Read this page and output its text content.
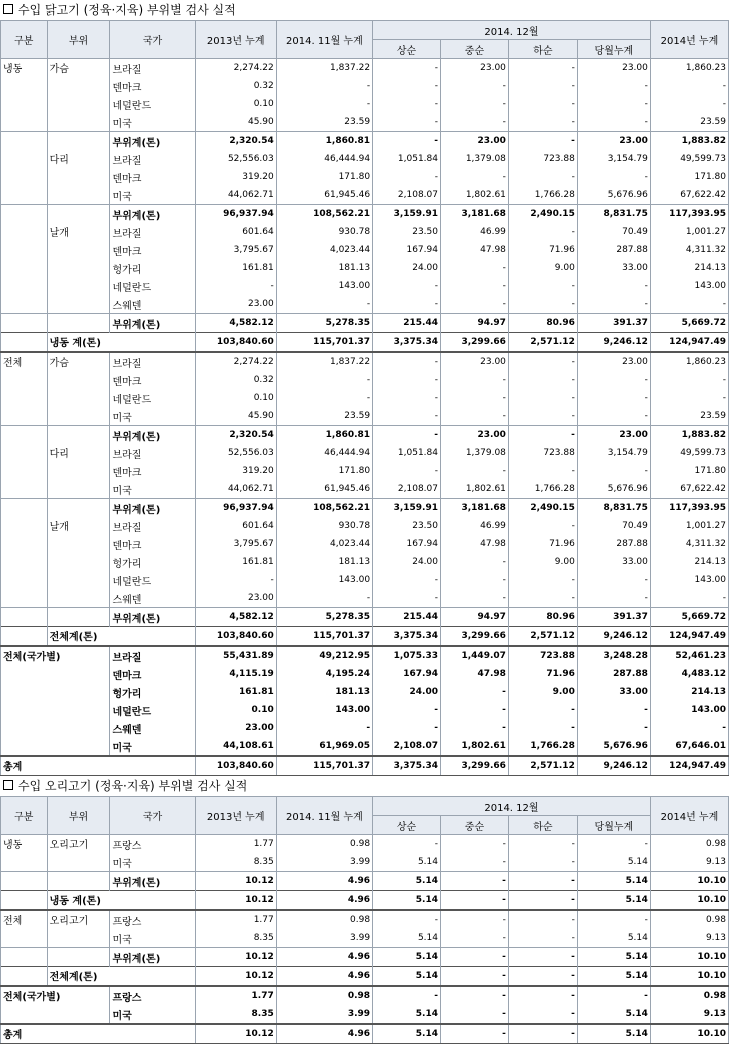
수입 닭고기 (정육·지육) 부위별 검사 실적
구분	부위	국가	2013년 누계	2014. 11월 누계	2014. 12월				2014년 누계
					상순	중순	하순	당월누계	
냉동	가슴	브라질	2,274.22	1,837.22	-	23.00	-	23.00	1,860.23
		덴마크	0.32	-	-	-	-	-	-
		네덜란드	0.10	-	-	-	-	-	-
		미국	45.90	23.59	-	-	-	-	23.59
		부위계(톤)	2,320.54	1,860.81	-	23.00	-	23.00	1,883.82
	다리	브라질	52,556.03	46,444.94	1,051.84	1,379.08	723.88	3,154.79	49,599.73
		덴마크	319.20	171.80	-	-	-	-	171.80
		미국	44,062.71	61,945.46	2,108.07	1,802.61	1,766.28	5,676.96	67,622.42
		부위계(톤)	96,937.94	108,562.21	3,159.91	3,181.68	2,490.15	8,831.75	117,393.95
	날개	브라질	601.64	930.78	23.50	46.99	-	70.49	1,001.27
		덴마크	3,795.67	4,023.44	167.94	47.98	71.96	287.88	4,311.32
		헝가리	161.81	181.13	24.00	-	9.00	33.00	214.13
		네덜란드	-	143.00	-	-	-	-	143.00
		스웨덴	23.00	-	-	-	-	-	-
		부위계(톤)	4,582.12	5,278.35	215.44	94.97	80.96	391.37	5,669.72
	냉동 계(톤)		103,840.60	115,701.37	3,375.34	3,299.66	2,571.12	9,246.12	124,947.49
전체	가슴	브라질	2,274.22	1,837.22	-	23.00	-	23.00	1,860.23
		덴마크	0.32	-	-	-	-	-	-
		네덜란드	0.10	-	-	-	-	-	-
		미국	45.90	23.59	-	-	-	-	23.59
		부위계(톤)	2,320.54	1,860.81	-	23.00	-	23.00	1,883.82
	다리	브라질	52,556.03	46,444.94	1,051.84	1,379.08	723.88	3,154.79	49,599.73
		덴마크	319.20	171.80	-	-	-	-	171.80
		미국	44,062.71	61,945.46	2,108.07	1,802.61	1,766.28	5,676.96	67,622.42
		부위계(톤)	96,937.94	108,562.21	3,159.91	3,181.68	2,490.15	8,831.75	117,393.95
	날개	브라질	601.64	930.78	23.50	46.99	-	70.49	1,001.27
		덴마크	3,795.67	4,023.44	167.94	47.98	71.96	287.88	4,311.32
		헝가리	161.81	181.13	24.00	-	9.00	33.00	214.13
		네덜란드	-	143.00	-	-	-	-	143.00
		스웨덴	23.00	-	-	-	-	-	-
		부위계(톤)	4,582.12	5,278.35	215.44	94.97	80.96	391.37	5,669.72
	전체계(톤)		103,840.60	115,701.37	3,375.34	3,299.66	2,571.12	9,246.12	124,947.49
전체(국가별)		브라질	55,431.89	49,212.95	1,075.33	1,449.07	723.88	3,248.28	52,461.23
		덴마크	4,115.19	4,195.24	167.94	47.98	71.96	287.88	4,483.12
		헝가리	161.81	181.13	24.00	-	9.00	33.00	214.13
		네덜란드	0.10	143.00	-	-	-	-	143.00
		스웨덴	23.00	-	-	-	-	-	-
		미국	44,108.61	61,969.05	2,108.07	1,802.61	1,766.28	5,676.96	67,646.01
총계			103,840.60	115,701.37	3,375.34	3,299.66	2,571.12	9,246.12	124,947.49
수입 오리고기 (정육·지육) 부위별 검사 실적
구분	부위	국가	2013년 누계	2014. 11월 누계	2014. 12월				2014년 누계
					상순	중순	하순	당월누계	
냉동	오리고기	프랑스	1.77	0.98	-	-	-	-	0.98
		미국	8.35	3.99	5.14	-	-	5.14	9.13
		부위계(톤)	10.12	4.96	5.14	-	-	5.14	10.10
	냉동 계(톤)		10.12	4.96	5.14	-	-	5.14	10.10
전체	오리고기	프랑스	1.77	0.98	-	-	-	-	0.98
		미국	8.35	3.99	5.14	-	-	5.14	9.13
		부위계(톤)	10.12	4.96	5.14	-	-	5.14	10.10
	전체계(톤)		10.12	4.96	5.14	-	-	5.14	10.10
전체(국가별)		프랑스	1.77	0.98	-	-	-	-	0.98
		미국	8.35	3.99	5.14	-	-	5.14	9.13
총계			10.12	4.96	5.14	-	-	5.14	10.10
